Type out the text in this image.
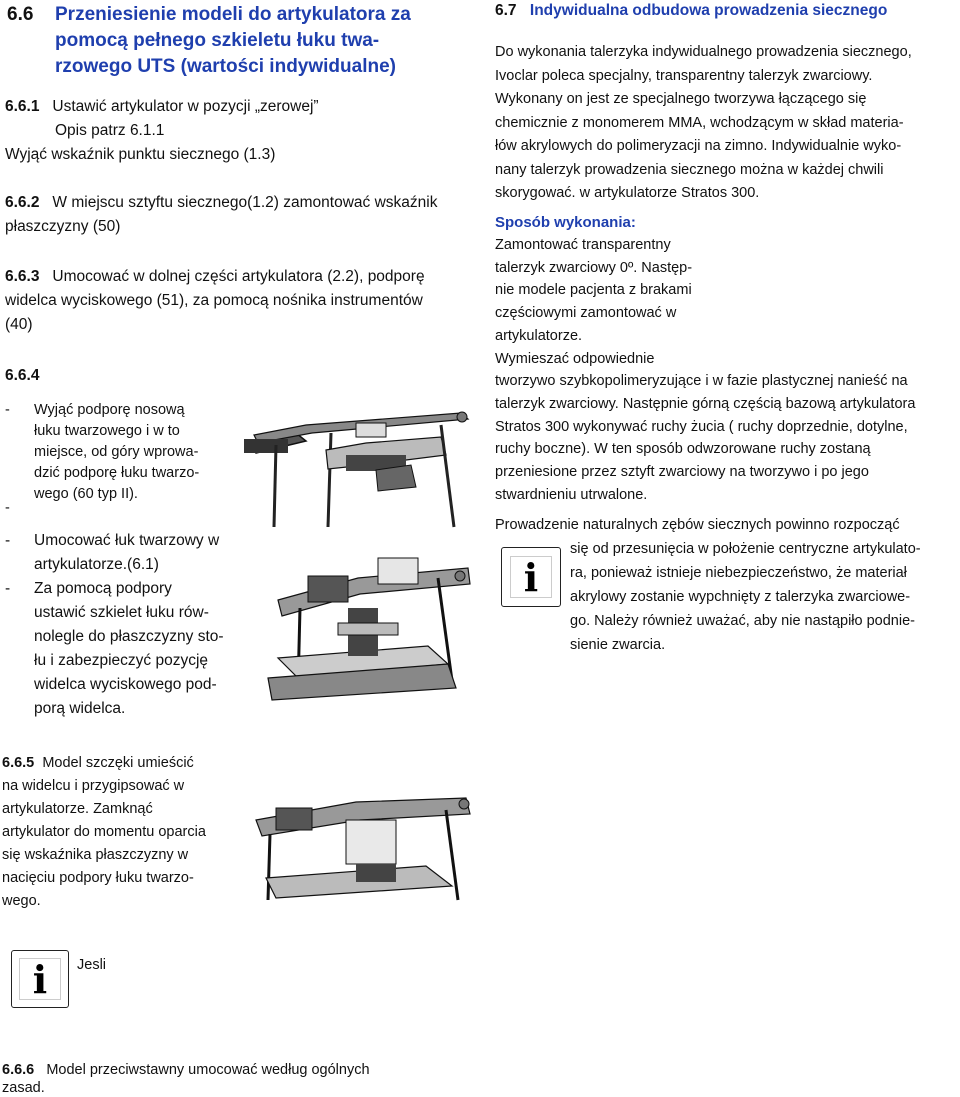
6.6 Przeniesienie modeli do artykulatora za
pomocą pełnego szkieletu łuku twa-
rzowego UTS (wartości indywidualne)
6.6.1 Ustawić artykulator w pozycji „zerowej”
Opis patrz 6.1.1
Wyjąć wskaźnik punktu siecznego (1.3)
6.6.2 W miejscu sztyftu siecznego(1.2) zamontować wskaźnik
płaszczyzny (50)
6.6.3 Umocować w dolnej części artykulatora (2.2), podporę
widelca wyciskowego (51), za pomocą nośnika instrumentów
(40)
6.6.4
- Wyjąć podporę nosową
łuku twarzowego i w to
miejsce, od góry wprowa-
dzić podporę łuku twarzo-
wego (60 typ II).
-
- Umocować łuk twarzowy w
artykulatorze.(6.1)
- Za pomocą podpory
ustawić szkielet łuku rów-
nolegle do płaszczyzny sto-
łu i zabezpieczyć pozycję
widelca wyciskowego pod-
porą widelca.
6.6.5 Model szczęki umieścić
na widelcu i przygipsować w
artykulatorze. Zamknąć
artykulator do momentu oparcia
się wskaźnika płaszczyzny w
nacięciu podpory łuku twarzo-
wego.
i	Jesli
6.6.6 Model przeciwstawny umocować według ogólnych
zasad.
6.7 Indywidualna odbudowa prowadzenia siecznego
Do wykonania talerzyka indywidualnego prowadzenia siecznego,
Ivoclar poleca specjalny, transparentny talerzyk zwarciowy.
Wykonany on jest ze specjalnego tworzywa łączącego się
chemicznie z monomerem MMA, wchodzącym w skład materia-
łów akrylowych do polimeryzacji na zimno. Indywidualnie wyko-
nany talerzyk prowadzenia siecznego można w każdej chwili
skorygować. w artykulatorze Stratos 300.
Sposób wykonania:
Zamontować transparentny
talerzyk zwarciowy 0º. Następ-
nie modele pacjenta z brakami
częściowymi zamontować w
artykulatorze.
Wymieszać odpowiednie
tworzywo szybkopolimeryzujące i w fazie plastycznej nanieść na
talerzyk zwarciowy. Następnie górną częścią bazową artykulatora
Stratos 300 wykonywać ruchy żucia ( ruchy doprzednie, dotylne,
ruchy boczne). W ten sposób odwzorowane ruchy zostaną
przeniesione przez sztyft zwarciowy na tworzywo i po jego
stwardnieniu utrwalone.
Prowadzenie naturalnych zębów siecznych powinno rozpocząć
i
się od przesunięcia w położenie centryczne artykulato-
ra, ponieważ istnieje niebezpieczeństwo, że materiał
akrylowy zostanie wypchnięty z talerzyka zwarciowe-
go. Należy również uważać, aby nie nastąpiło podnie-
sienie zwarcia.
